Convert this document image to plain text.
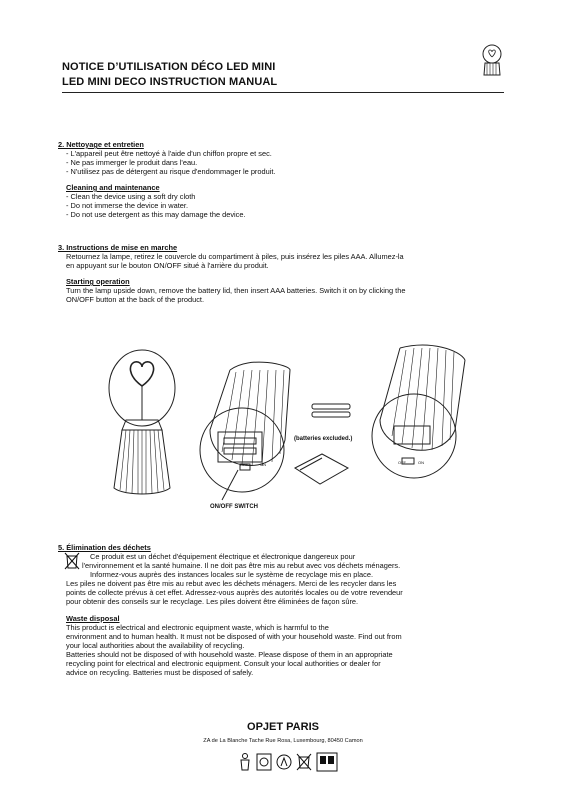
NOTICE D’UTILISATION DÉCO LED MINI
LED MINI DECO INSTRUCTION MANUAL
2. Nettoyage et entretien
- L'appareil peut être nettoyé à l'aide d'un chiffon propre et sec.
- Ne pas immerger le produit dans l'eau.
- N'utilisez pas de détergent au risque d'endommager le produit.
Cleaning and maintenance
- Clean the device using a soft dry cloth
- Do not immerse the device in water.
- Do not use detergent as this may damage the device.
3. Instructions de mise en marche
Retournez la lampe, retirez le couvercle du compartiment à piles, puis insérez les piles AAA. Allumez-la
en appuyant sur le bouton ON/OFF situé à l'arrière du produit.
Starting operation
Turn the lamp upside down, remove the battery lid, then insert AAA batteries. Switch it on by clicking the
ON/OFF button at the back of the product.
(batteries excluded.)
ON/OFF SWITCH
OFF	ON	OFF	ON
5. Élimination des déchets
Ce produit est un déchet d'équipement électrique et électronique dangereux pour
l'environnement et la santé humaine. Il ne doit pas être mis au rebut avec vos déchets ménagers.
Informez-vous auprès des instances locales sur le système de recyclage mis en place.
Les piles ne doivent pas être mis au rebut avec les déchets ménagers. Merci de les recycler dans les
points de collecte prévus à cet effet. Adressez-vous auprès des autorités locales ou de votre revendeur
pour obtenir des conseils sur le recyclage. Les piles doivent être éliminées de façon sûre.
Waste disposal
This product is electrical and electronic equipment waste, which is harmful to the
environment and to human health. It must not be disposed of with your household waste. Find out from
your local authorities about the availability of recycling.
Batteries should not be disposed of with household waste. Please dispose of them in an appropriate
recycling point for electrical and electronic equipment. Consult your local authorities or dealer for
advice on recycling. Batteries must be disposed of safely.
OPJET PARIS
ZA de La Blanche Tache Rue Rosa, Luxembourg, 80450 Camon
